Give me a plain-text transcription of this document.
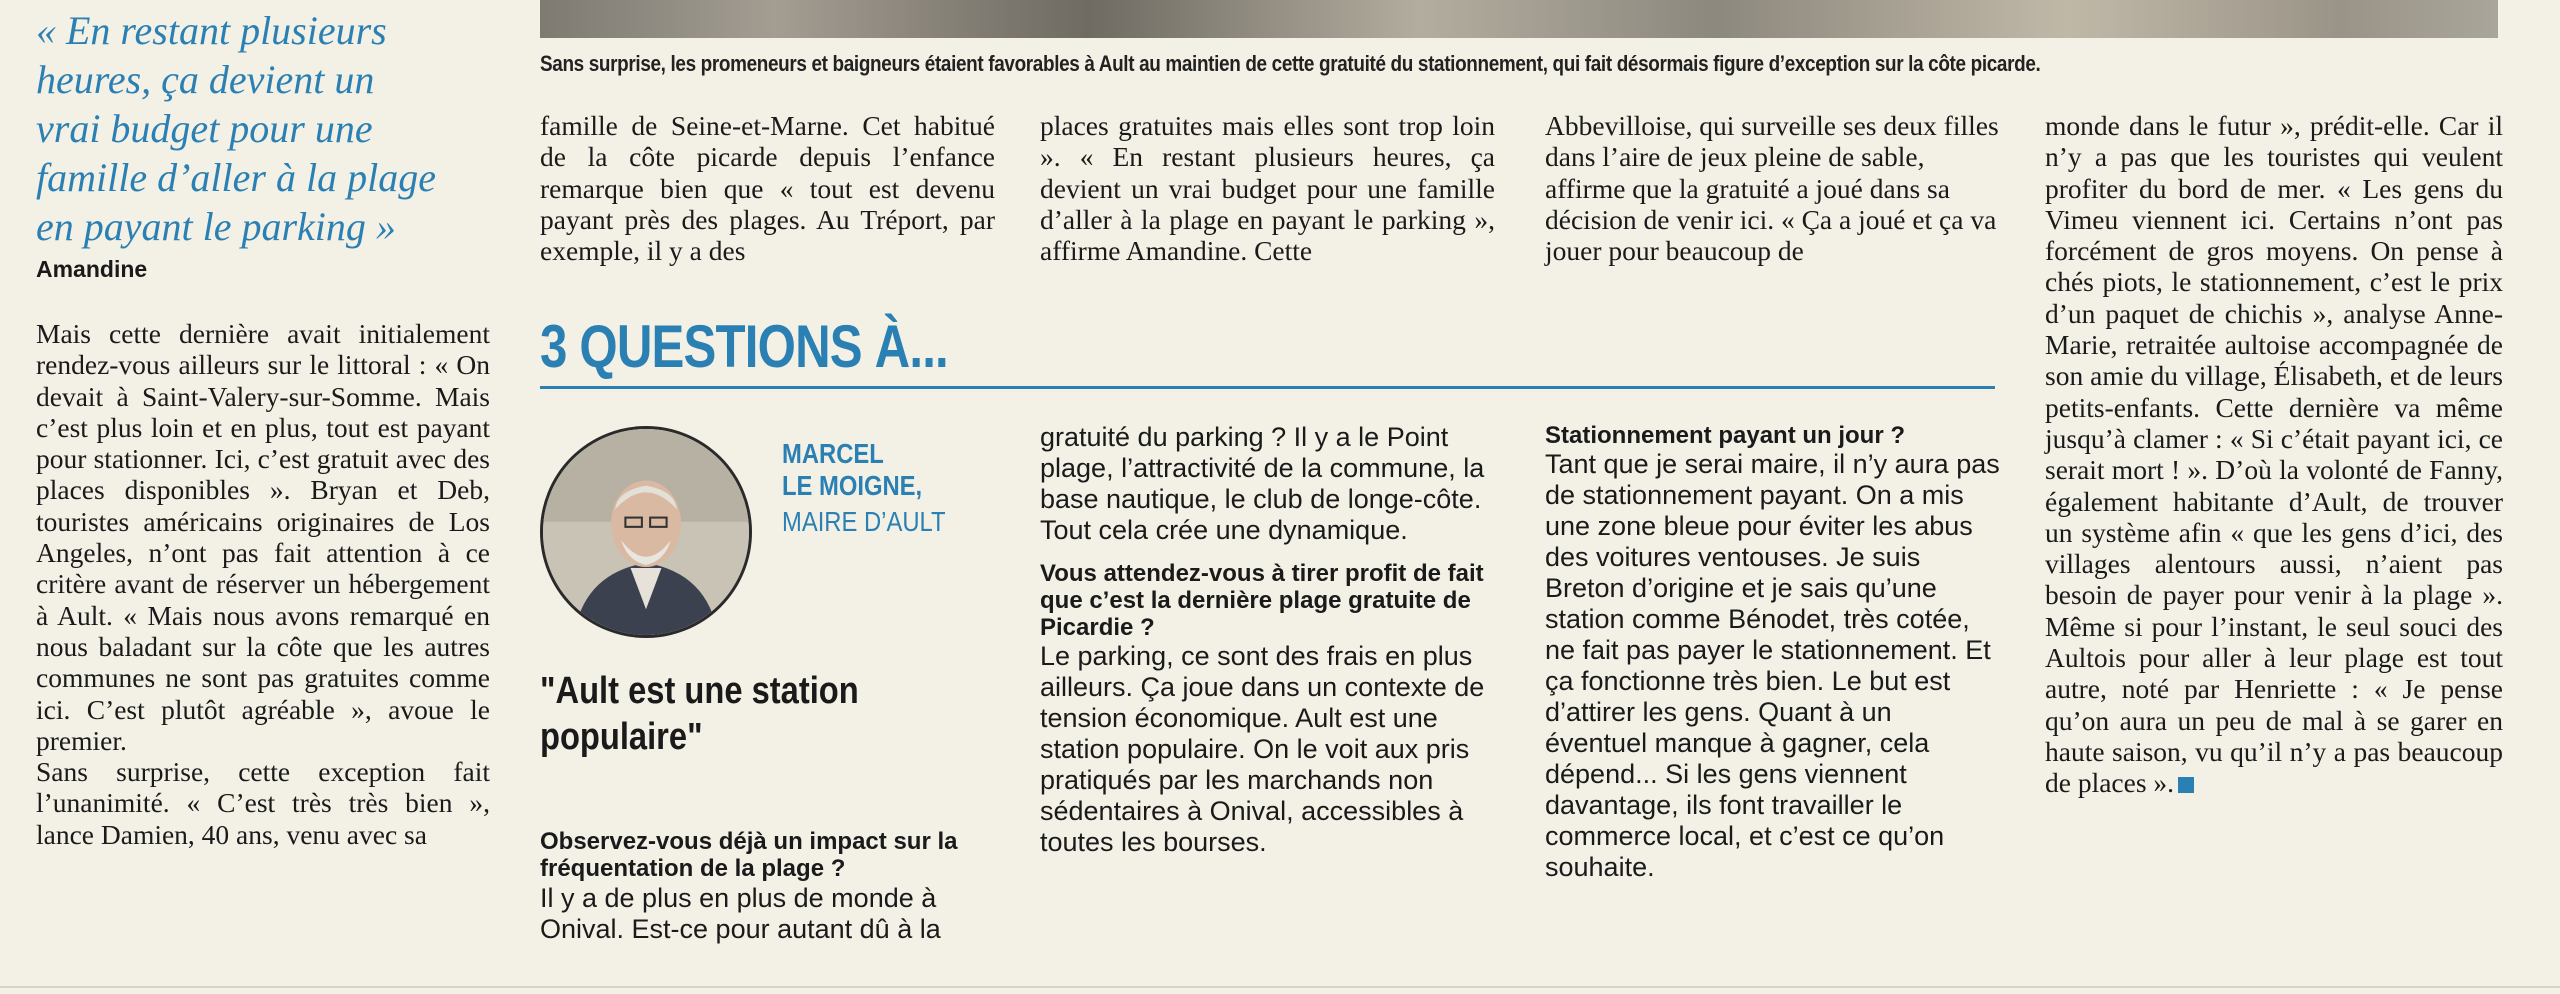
Sans surprise, les promeneurs et baigneurs étaient favorables à Ault au maintien de cette gratuité du stationnement, qui fait désormais figure d’exception sur la côte picarde.
« En restant plusieurs heures, ça devient un vrai budget pour une famille d’aller à la plage en payant le parking »
Amandine

Mais cette dernière avait initialement rendez-vous ailleurs sur le littoral : « On devait à Saint-Valery-sur-Somme. Mais c’est plus loin et en plus, tout est payant pour stationner. Ici, c’est gratuit avec des places disponibles ». Bryan et Deb, touristes américains originaires de Los Angeles, n’ont pas fait attention à ce critère avant de réserver un hébergement à Ault. « Mais nous avons remarqué en nous baladant sur la côte que les autres communes ne sont pas gratuites comme ici. C’est plutôt agréable », avoue le premier.

Sans surprise, cette exception fait l’unanimité. « C’est très très bien », lance Damien, 40 ans, venu avec sa

famille de Seine-et-Marne. Cet habitué de la côte picarde depuis l’enfance remarque bien que « tout est devenu payant près des plages. Au Tréport, par exemple, il y a des
places gratuites mais elles sont trop loin ». « En restant plusieurs heures, ça devient un vrai budget pour une famille d’aller à la plage en payant le parking », affirme Amandine. Cette
Abbevilloise, qui surveille ses deux filles dans l’aire de jeux pleine de sable, affirme que la gratuité a joué dans sa décision de venir ici. « Ça a joué et ça va jouer pour beaucoup de
monde dans le futur », prédit-elle. Car il n’y a pas que les touristes qui veulent profiter du bord de mer. « Les gens du Vimeu viennent ici. Certains n’ont pas forcément de gros moyens. On pense à chés piots, le stationnement, c’est le prix d’un paquet de chichis », analyse Anne-Marie, retraitée aultoise accompagnée de son amie du village, Élisabeth, et de leurs petits-enfants. Cette dernière va même jusqu’à clamer : « Si c’était payant ici, ce serait mort ! ». D’où la volonté de Fanny, également habitante d’Ault, de trouver un système afin « que les gens d’ici, des villages alentours aussi, n’aient pas besoin de payer pour venir à la plage ». Même si pour l’instant, le seul souci des Aultois pour aller à leur plage est tout autre, noté par Henriette : « Je pense qu’on aura un peu de mal à se garer en haute saison, vu qu’il n’y a pas beaucoup de places ».
3 QUESTIONS À...
MARCEL
LE MOIGNE,
MAIRE D’AULT
"Ault est une station populaire"
Observez-vous déjà un impact sur la fréquentation de la plage ?
Il y a de plus en plus de monde à Onival. Est-ce pour autant dû à la
gratuité du parking ? Il y a le Point plage, l’attractivité de la commune, la base nautique, le club de longe-côte. Tout cela crée une dynamique.
Vous attendez-vous à tirer profit de fait que c’est la dernière plage gratuite de Picardie ?
Le parking, ce sont des frais en plus ailleurs. Ça joue dans un contexte de tension économique. Ault est une station populaire. On le voit aux pris pratiqués par les marchands non sédentaires à Onival, accessibles à toutes les bourses.
Stationnement payant un jour ?
Tant que je serai maire, il n’y aura pas de stationnement payant. On a mis une zone bleue pour éviter les abus des voitures ventouses. Je suis Breton d’origine et je sais qu’une station comme Bénodet, très cotée, ne fait pas payer le stationnement. Et ça fonctionne très bien. Le but est d’attirer les gens. Quant à un éventuel manque à gagner, cela dépend... Si les gens viennent davantage, ils font travailler le commerce local, et c’est ce qu’on souhaite.
